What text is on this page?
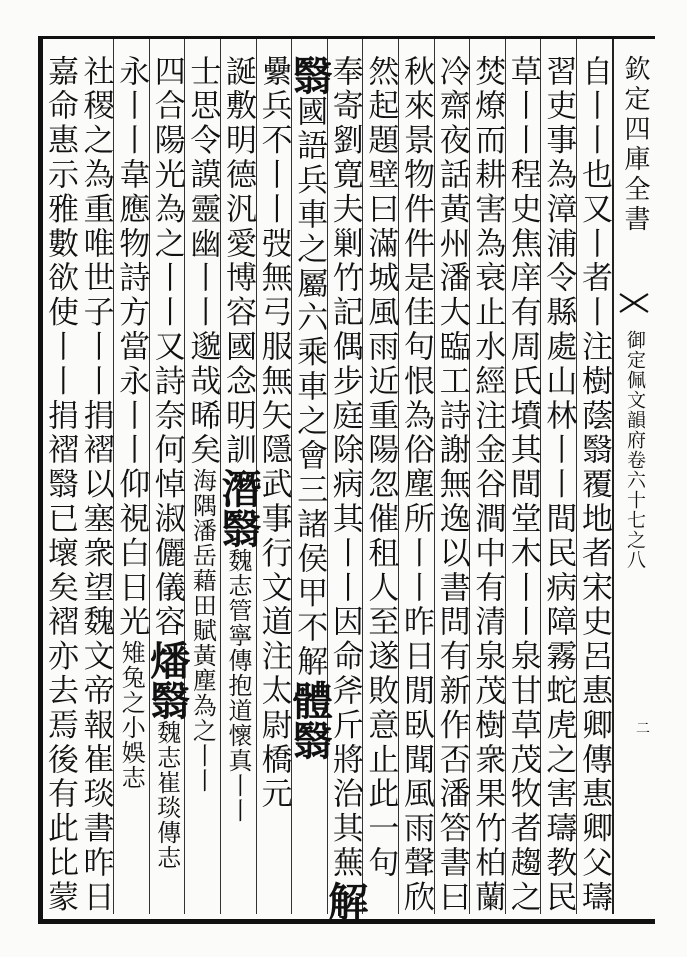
欽定四庫全書
御定佩文韻府卷六十七之八
二
自丨丨也又丨者丨注樹蔭翳覆地者宋史呂惠卿傳惠卿父璹
習吏事為漳浦令縣處山林丨丨間民病障霧蛇虎之害璹教民
草丨丨程史焦庠有周氏墳其間堂木丨丨泉甘草茂牧者趨之
焚燎而耕害為衰止水經注金谷澗中有清泉茂樹衆果竹柏蘭
冷齋夜話黃州潘大臨工詩謝無逸以書問有新作否潘答書曰
秋來景物件件是佳句恨為俗塵所丨丨昨日閒臥聞風雨聲欣
然起題壁曰滿城風雨近重陽忽催租人至遂敗意止此一句
奉寄劉寛夫剿竹記偶步庭除病其丨丨因命斧斤將治其蕪解
翳國語兵車之屬六乘車之會三諸侯甲不解體翳
纍兵不丨丨弢無弓服無矢隱武事行文道注太尉橋元
誕敷明德汎愛博容國念明訓潛翳魏志管寧傳抱道懷真丨丨
士思令謨靈幽丨丨邈哉晞矣海隅潘岳藉田賦黃塵為之丨丨
四合陽光為之丨丨又詩奈何悼淑儷儀容燔翳魏志崔琰傳志
永丨丨韋應物詩方當永丨丨仰視白日光雉兔之小娛志
社稷之為重唯世子丨丨捐褶以塞衆望魏文帝報崔琰書昨日
嘉命惠示雅數欲使丨丨捐褶翳已壞矣褶亦去焉後有此比蒙
